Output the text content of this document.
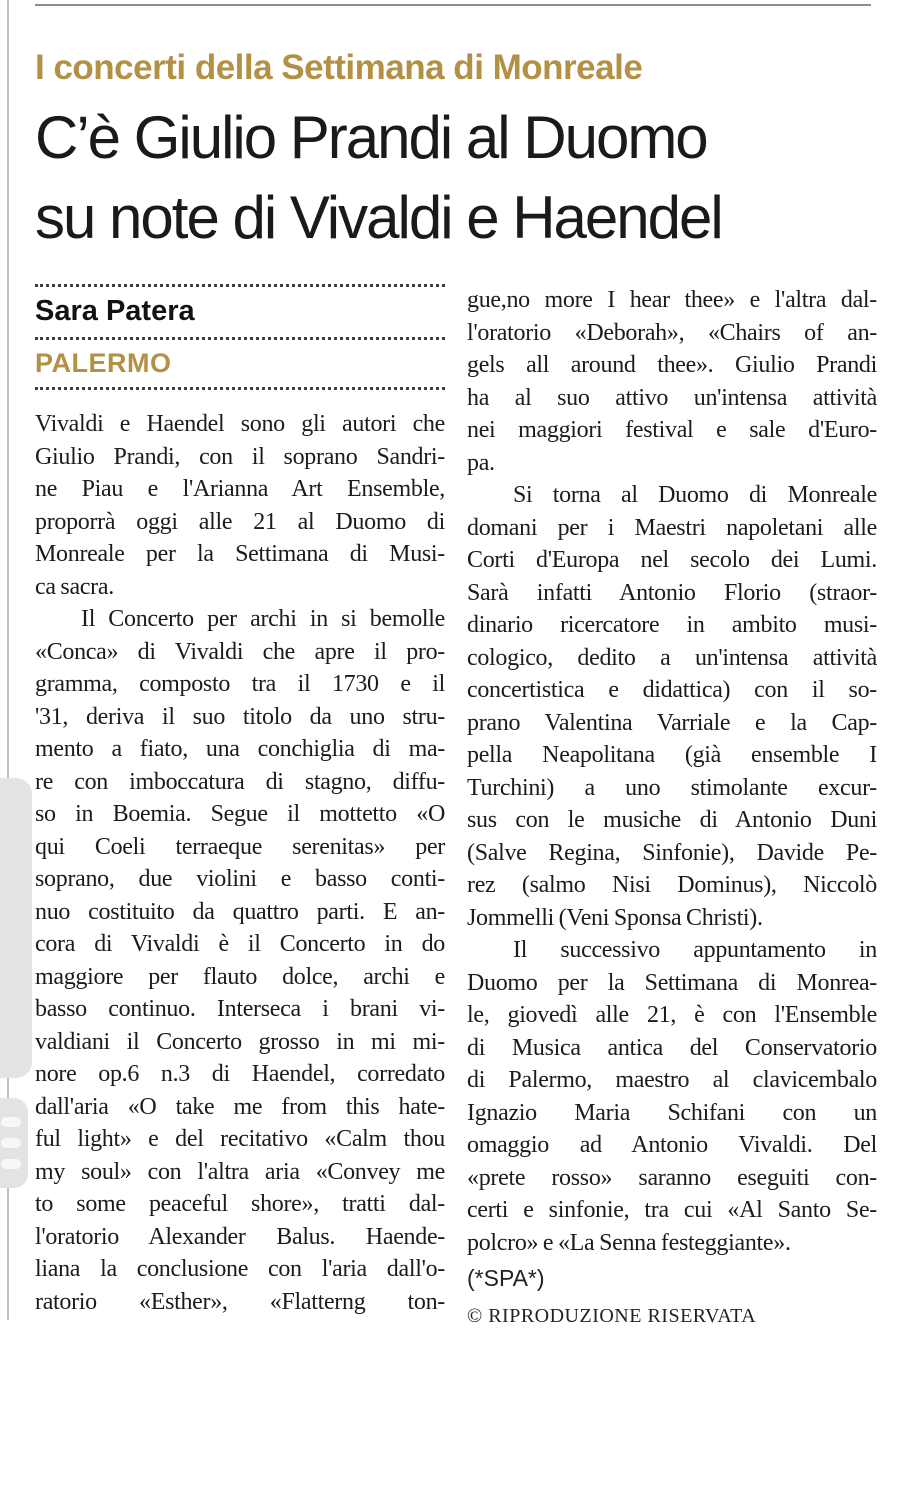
I concerti della Settimana di Monreale
C’è Giulio Prandi al Duomo
su note di Vivaldi e Haendel
Sara Patera
PALERMO
Vivaldi e Haendel sono gli autori che
Giulio Prandi, con il soprano Sandri-
ne Piau e l'Arianna Art Ensemble,
proporrà oggi alle 21 al Duomo di
Monreale per la Settimana di Musi-
ca sacra.
Il Concerto per archi in si bemolle
«Conca» di Vivaldi che apre il pro-
gramma, composto tra il 1730 e il
'31, deriva il suo titolo da uno stru-
mento a fiato, una conchiglia di ma-
re con imboccatura di stagno, diffu-
so in Boemia. Segue il mottetto «O
qui Coeli terraeque serenitas» per
soprano, due violini e basso conti-
nuo costituito da quattro parti. E an-
cora di Vivaldi è il Concerto in do
maggiore per flauto dolce, archi e
basso continuo. Interseca i brani vi-
valdiani il Concerto grosso in mi mi-
nore op.6 n.3 di Haendel, corredato
dall'aria «O take me from this hate-
ful light» e del recitativo «Calm thou
my soul» con l'altra aria «Convey me
to some peaceful shore», tratti dal-
l'oratorio Alexander Balus. Haende-
liana la conclusione con l'aria dall'o-
ratorio «Esther», «Flatterng ton-
gue,no more I hear thee» e l'altra dal-
l'oratorio «Deborah», «Chairs of an-
gels all around thee». Giulio Prandi
ha al suo attivo un'intensa attività
nei maggiori festival e sale d'Euro-
pa.
Si torna al Duomo di Monreale
domani per i Maestri napoletani alle
Corti d'Europa nel secolo dei Lumi.
Sarà infatti Antonio Florio (straor-
dinario ricercatore in ambito musi-
cologico, dedito a un'intensa attività
concertistica e didattica) con il so-
prano Valentina Varriale e la Cap-
pella Neapolitana (già ensemble I
Turchini) a uno stimolante excur-
sus con le musiche di Antonio Duni
(Salve Regina, Sinfonie), Davide Pe-
rez (salmo Nisi Dominus), Niccolò
Jommelli (Veni Sponsa Christi).
Il successivo appuntamento in
Duomo per la Settimana di Monrea-
le, giovedì alle 21, è con l'Ensemble
di Musica antica del Conservatorio
di Palermo, maestro al clavicembalo
Ignazio Maria Schifani con un
omaggio ad Antonio Vivaldi. Del
«prete rosso» saranno eseguiti con-
certi e sinfonie, tra cui «Al Santo Se-
polcro» e «La Senna festeggiante».
(*SPA*)
© RIPRODUZIONE RISERVATA
